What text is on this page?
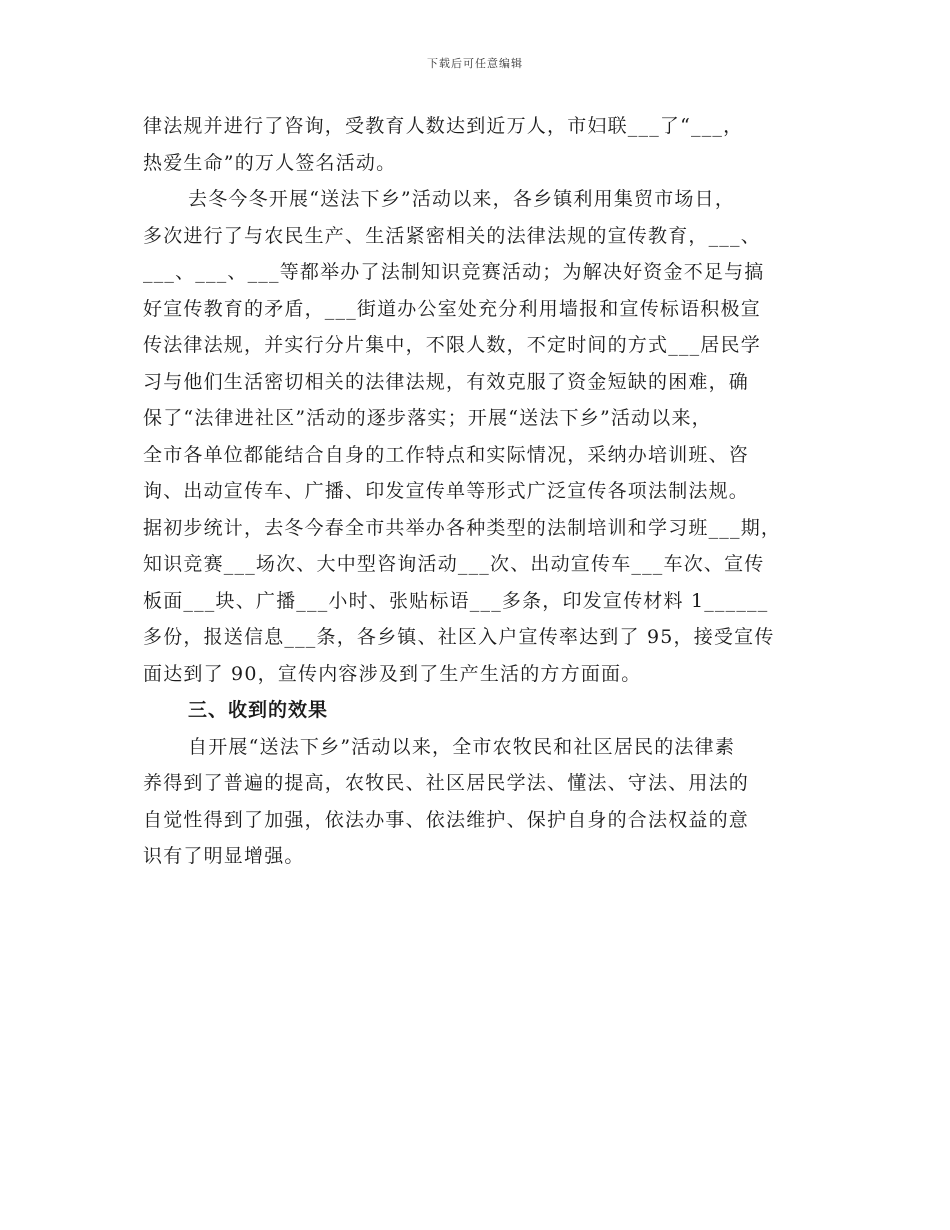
下载后可任意编辑
律法规并进行了咨询，受教育人数达到近万人，市妇联___了“___，
热爱生命”的万人签名活动。
去冬今冬开展“送法下乡”活动以来，各乡镇利用集贸市场日，
多次进行了与农民生产、生活紧密相关的法律法规的宣传教育，___、
___、___、___等都举办了法制知识竞赛活动；为解决好资金不足与搞
好宣传教育的矛盾，___街道办公室处充分利用墙报和宣传标语积极宣
传法律法规，并实行分片集中，不限人数，不定时间的方式___居民学
习与他们生活密切相关的法律法规，有效克服了资金短缺的困难，确
保了“法律进社区”活动的逐步落实；开展“送法下乡”活动以来，
全市各单位都能结合自身的工作特点和实际情况，采纳办培训班、咨
询、出动宣传车、广播、印发宣传单等形式广泛宣传各项法制法规。
据初步统计，去冬今春全市共举办各种类型的法制培训和学习班___期，
知识竞赛___场次、大中型咨询活动___次、出动宣传车___车次、宣传
板面___块、广播___小时、张贴标语___多条，印发宣传材料 1______
多份，报送信息___条，各乡镇、社区入户宣传率达到了 95，接受宣传
面达到了 90，宣传内容涉及到了生产生活的方方面面。
三、收到的效果
自开展“送法下乡”活动以来，全市农牧民和社区居民的法律素
养得到了普遍的提高，农牧民、社区居民学法、懂法、守法、用法的
自觉性得到了加强，依法办事、依法维护、保护自身的合法权益的意
识有了明显增强。
